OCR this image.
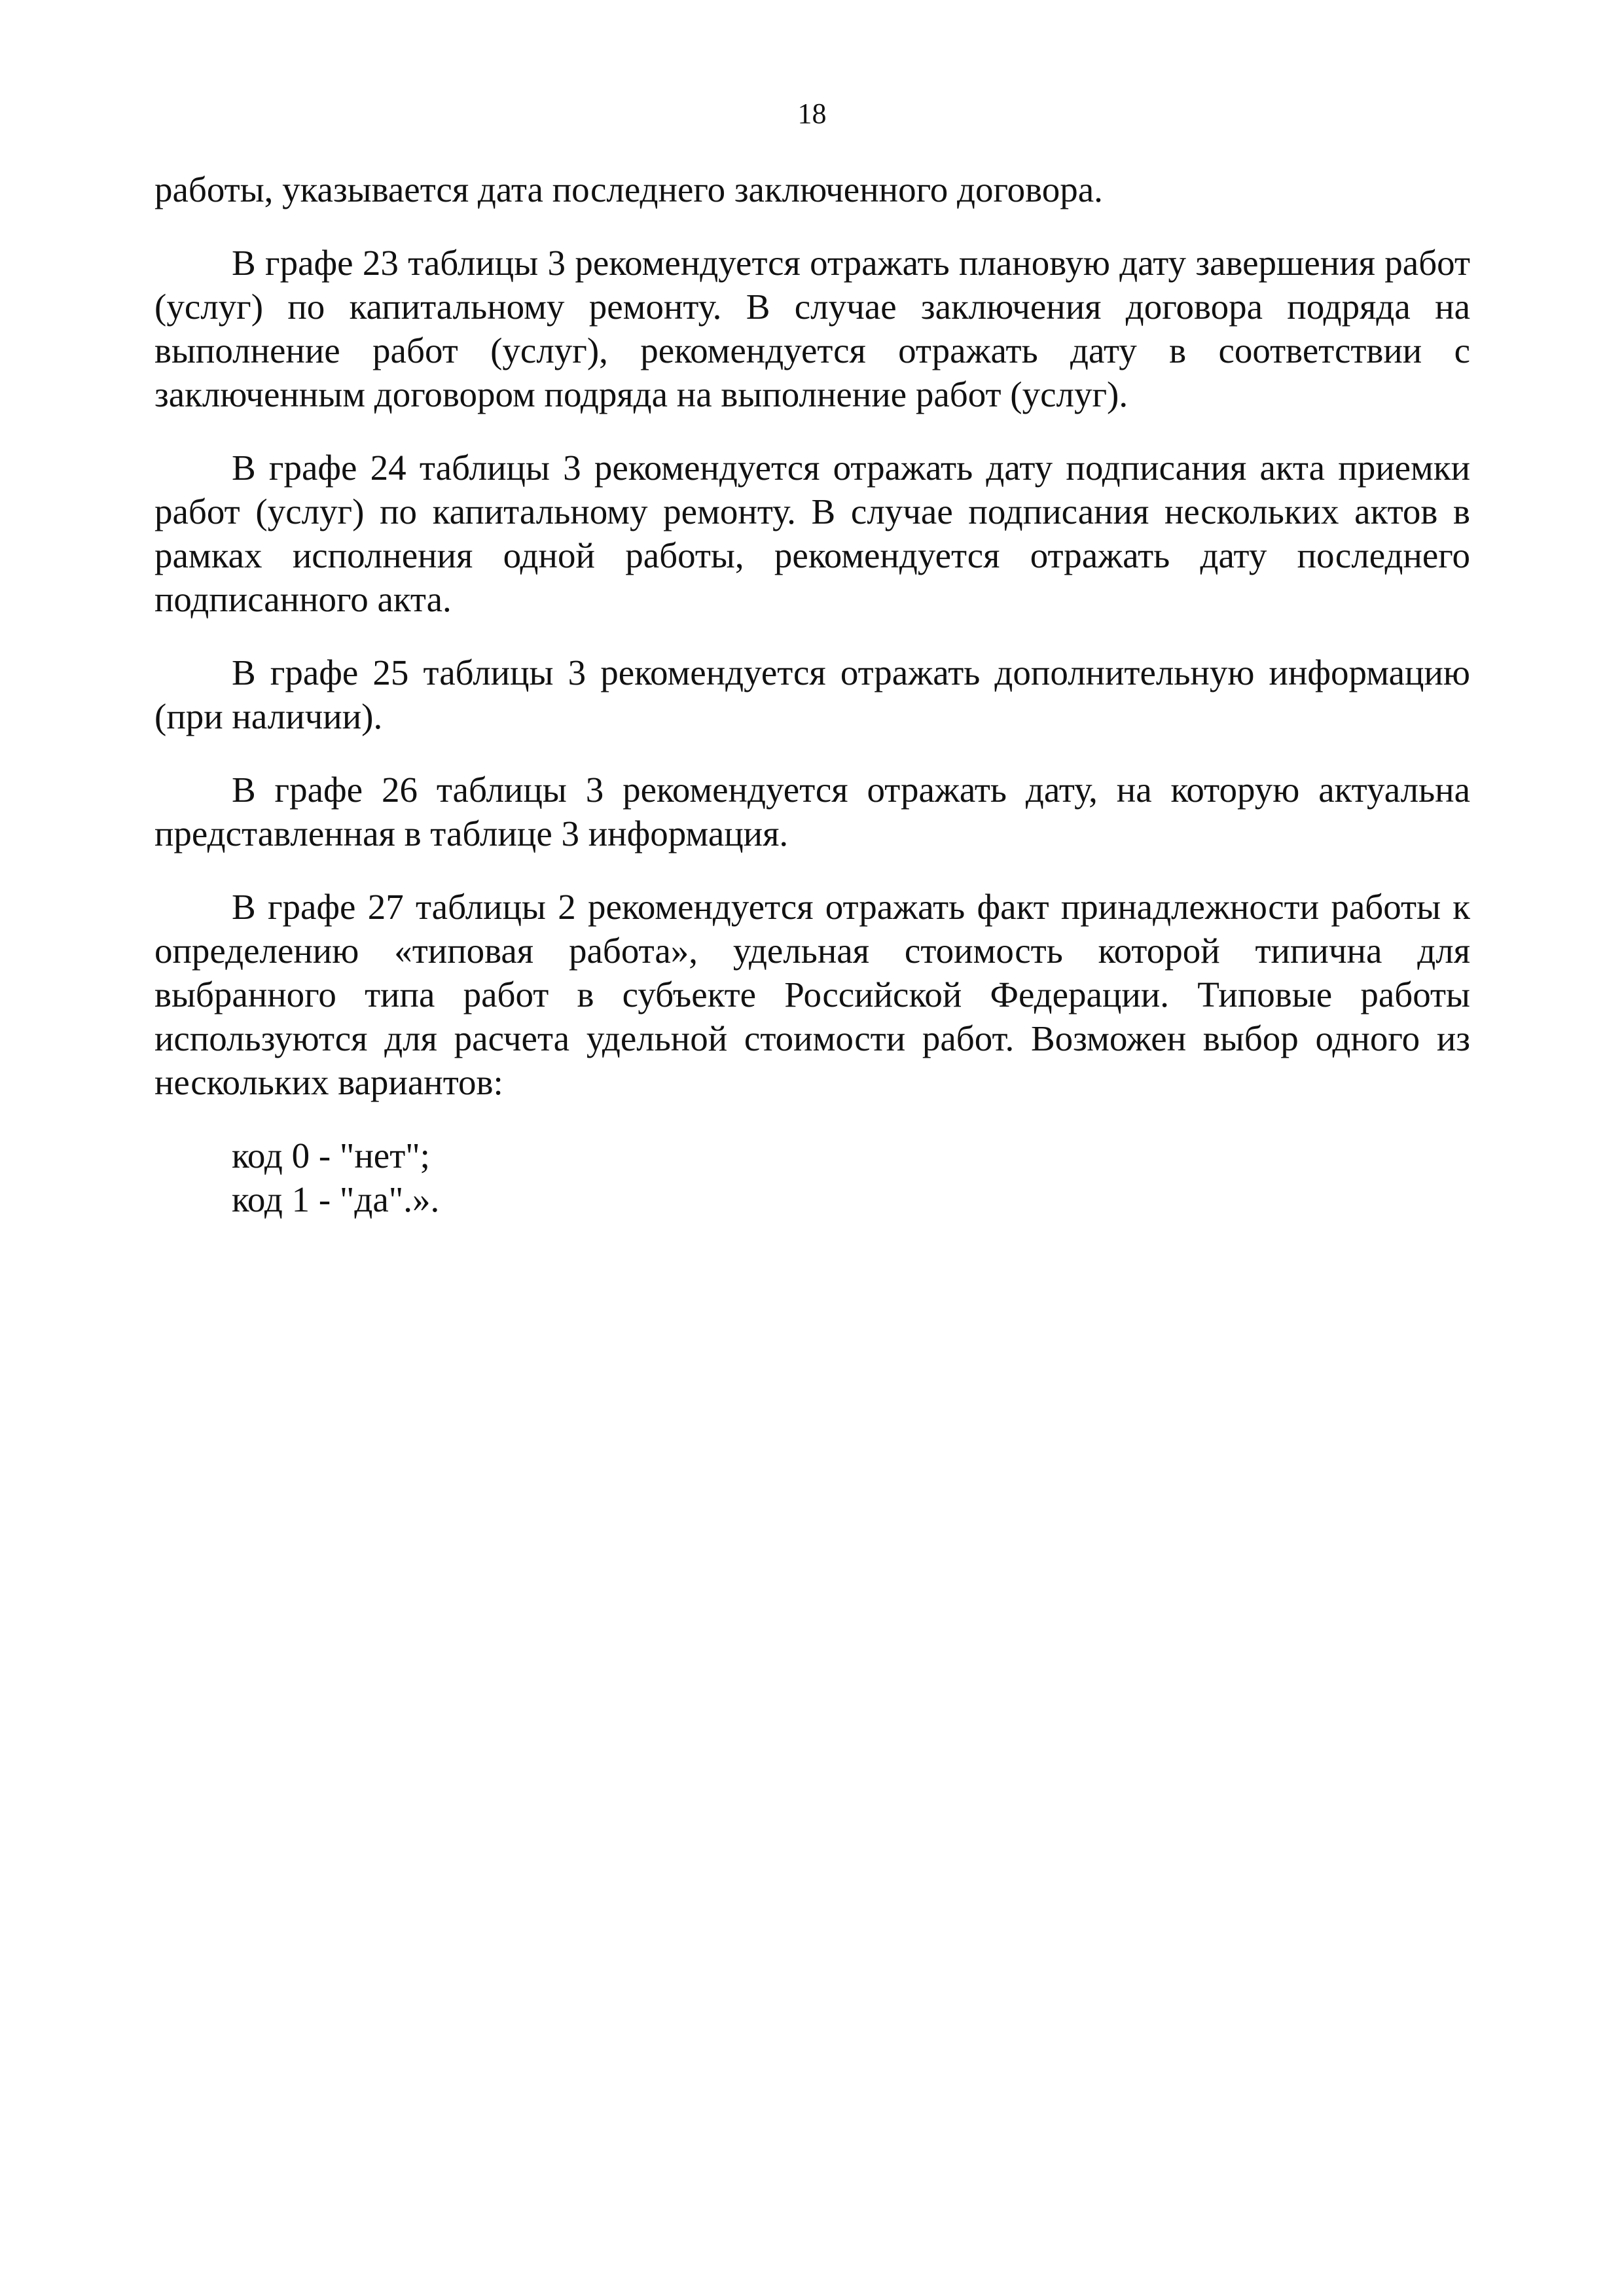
18

работы, указывается дата последнего заключенного договора.

В графе 23 таблицы 3 рекомендуется отражать плановую дату завершения работ (услуг) по капитальному ремонту. В случае заключения договора подряда на выполнение работ (услуг), рекомендуется отражать дату в соответствии с заключенным договором подряда на выполнение работ (услуг).

В графе 24 таблицы 3 рекомендуется отражать дату подписания акта приемки работ (услуг) по капитальному ремонту. В случае подписания нескольких актов в рамках исполнения одной работы, рекомендуется отражать дату последнего подписанного акта.

В графе 25 таблицы 3 рекомендуется отражать дополнительную информацию (при наличии).

В графе 26 таблицы 3 рекомендуется отражать дату, на которую актуальна представленная в таблице 3 информация.

В графе 27 таблицы 2 рекомендуется отражать факт принадлежности работы к определению «типовая работа», удельная стоимость которой типична для выбранного типа работ в субъекте Российской Федерации. Типовые работы используются для расчета удельной стоимости работ. Возможен выбор одного из нескольких вариантов:

код 0 - "нет";
код 1 - "да".».
